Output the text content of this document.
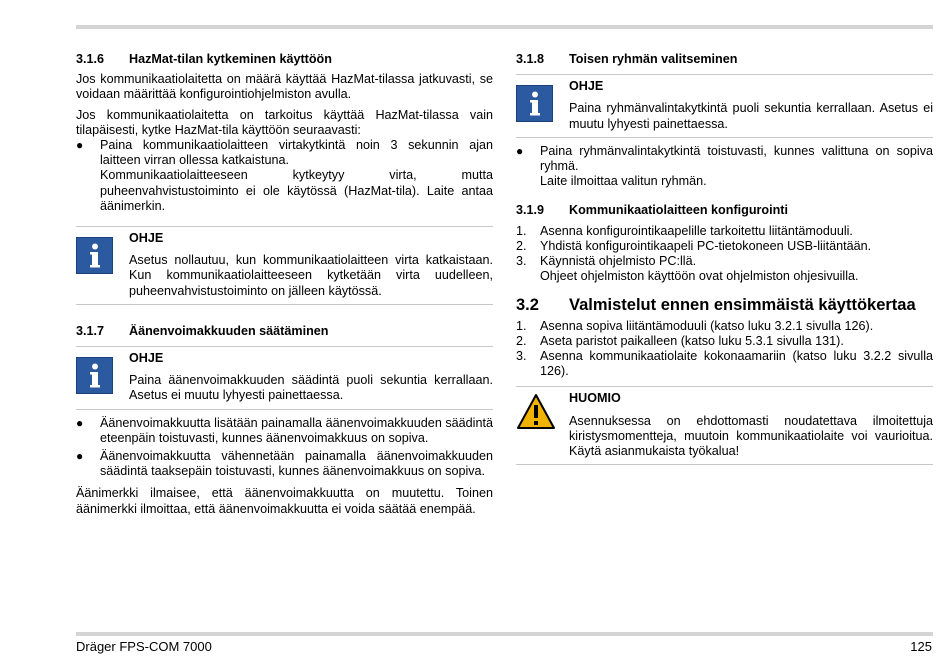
3.1.6	HazMat-tilan kytkeminen käyttöön

Jos kommunikaatiolaitetta on määrä käyttää HazMat-tilassa jatkuvasti, se voidaan määrittää konfigurointiohjelmiston avulla.

Jos kommunikaatiolaitetta on tarkoitus käyttää HazMat-tilassa vain tilapäisesti, kytke HazMat-tila käyttöön seuraavasti:

●	Paina kommunikaatiolaitteen virtakytkintä noin 3 sekunnin ajan laitteen virran ollessa katkaistuna.
Kommunikaatiolaitteeseen kytkeytyy virta, mutta puheenvahvistustoiminto ei ole käytössä (HazMat-tila). Laite antaa äänimerkin.
OHJE

Asetus nollautuu, kun kommunikaatiolaitteen virta katkaistaan. Kun kommunikaatiolaitteeseen kytketään virta uudelleen, puheenvahvistustoiminto on jälleen käytössä.

3.1.7	Äänenvoimakkuuden säätäminen
OHJE

Paina äänenvoimakkuuden säädintä puoli sekuntia kerrallaan. Asetus ei muutu lyhyesti painettaessa.

●	Äänenvoimakkuutta lisätään painamalla äänenvoimakkuuden säädintä eteenpäin toistuvasti, kunnes äänenvoimakkuus on sopiva.
●	Äänenvoimakkuutta vähennetään painamalla äänenvoimakkuuden säädintä taaksepäin toistuvasti, kunnes äänenvoimakkuus on sopiva.

Äänimerkki ilmaisee, että äänenvoimakkuutta on muutettu. Toinen äänimerkki ilmoittaa, että äänenvoimakkuutta ei voida säätää enempää.

3.1.8	Toisen ryhmän valitseminen
OHJE

Paina ryhmänvalintakytkintä puoli sekuntia kerrallaan. Asetus ei muutu lyhyesti painettaessa.

●	Paina ryhmänvalintakytkintä toistuvasti, kunnes valittuna on sopiva ryhmä.
Laite ilmoittaa valitun ryhmän.
3.1.9	Kommunikaatiolaitteen konfigurointi
1.	Asenna konfigurointikaapelille tarkoitettu liitäntämoduuli.
2.	Yhdistä konfigurointikaapeli PC-tietokoneen USB-liitäntään.
3.	Käynnistä ohjelmisto PC:llä.
Ohjeet ohjelmiston käyttöön ovat ohjelmiston ohjesivuilla.
3.2	Valmistelut ennen ensimmäistä käyttökertaa
1.	Asenna sopiva liitäntämoduuli (katso luku 3.2.1 sivulla 126).
2.	Aseta paristot paikalleen (katso luku 5.3.1 sivulla 131).
3.	Asenna kommunikaatiolaite kokonaamariin (katso luku 3.2.2 sivulla 126).
HUOMIO

Asennuksessa on ehdottomasti noudatettava ilmoitettuja kiristysmomentteja, muutoin kommunikaatiolaite voi vaurioitua. Käytä asianmukaista työkalua!

Dräger FPS-COM 7000	125
